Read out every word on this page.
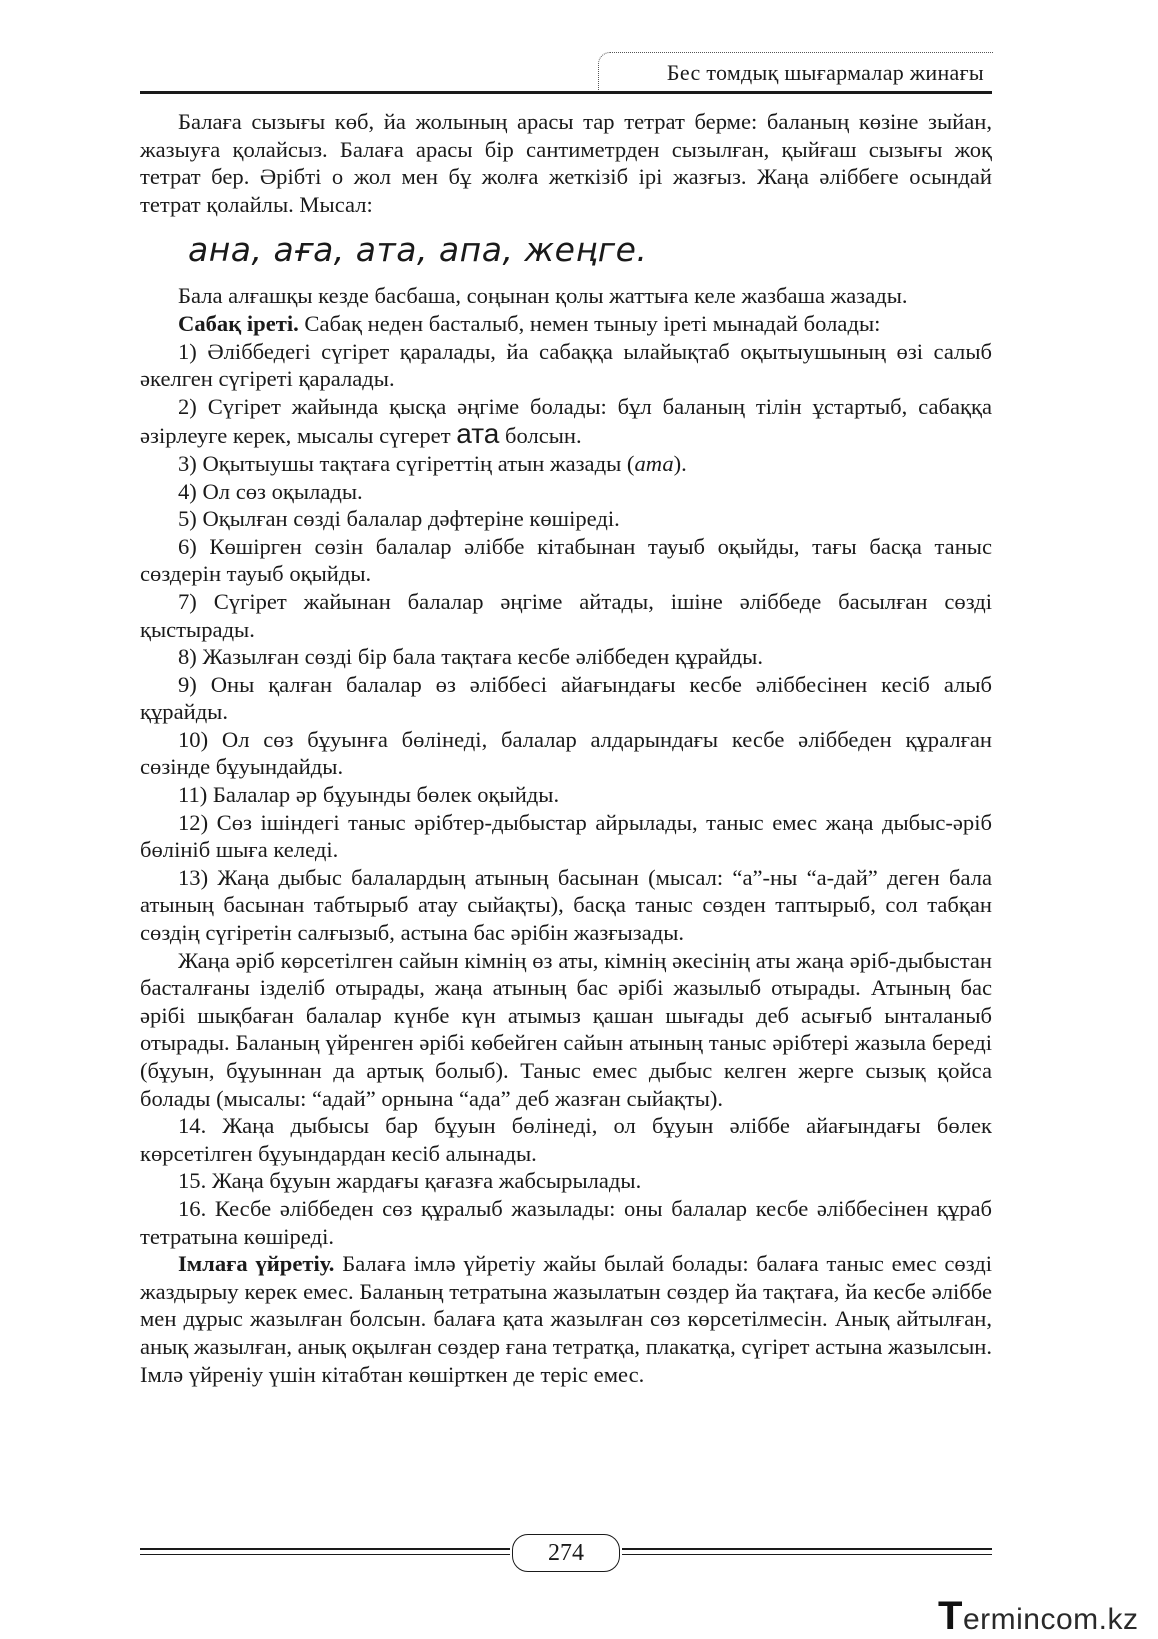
Бес томдық шығармалар жинағы

Балаға сызығы көб, йа жолының арасы тар тетрат берме: баланың көзіне зыйан, жазыуға қолайсыз. Балаға арасы бір сантиметрден сызылған, қыйғаш сызығы жоқ тетрат бер. Әрібті о жол мен бұ жолға жеткізіб ірі жазғыз. Жаңа әліббеге осындай тетрат қолайлы. Мысал:

ана, аға, ата, апа, жеңге.

Бала алғашқы кезде басбаша, соңынан қолы жаттыға келе жазбаша жазады.

Сабақ іреті. Сабақ неден басталыб, немен тыныу іреті мынадай болады:

1) Әліббедегі сүгірет қаралады, йа сабаққа ылайықтаб оқытыушының өзі салыб әкелген сүгіреті қаралады.

2) Сүгірет жайында қысқа әңгіме болады: бұл баланың тілін ұстартыб, сабаққа әзірлеуге керек, мысалы сүгерет ата болсын.

3) Оқытыушы тақтаға сүгіреттің атын жазады (ата).

4) Ол сөз оқылады.

5) Оқылған сөзді балалар дәфтеріне көшіреді.

6) Көшірген сөзін балалар әліббе кітабынан тауыб оқыйды, тағы басқа таныс сөздерін тауыб оқыйды.

7) Сүгірет жайынан балалар әңгіме айтады, ішіне әліббеде басылған сөзді қыстырады.

8) Жазылған сөзді бір бала тақтаға кесбе әліббеден құрайды.

9) Оны қалған балалар өз әліббесі айағындағы кесбе әліббесінен кесіб алыб құрайды.

10) Ол сөз бұуынға бөлінеді, балалар алдарындағы кесбе әліббеден құралған сөзінде бұуындайды.

11) Балалар әр бұуынды бөлек оқыйды.

12) Сөз ішіндегі таныс әрібтер-дыбыстар айрылады, таныс емес жаңа дыбыс-әріб бөлініб шыға келеді.

13) Жаңа дыбыс балалардың атының басынан (мысал: “а”-ны “а-дай” деген бала атының басынан табтырыб атау сыйақты), басқа таныс сөзден таптырыб, сол табқан сөздің сүгіретін салғызыб, астына бас әрібін жазғызады.

Жаңа әріб көрсетілген сайын кімнің өз аты, кімнің әкесінің аты жаңа әріб-дыбыстан басталғаны ізделіб отырады, жаңа атының бас әрібі жазылыб отырады. Атының бас әрібі шықбаған балалар күнбе күн атымыз қашан шығады деб асығыб ынталаныб отырады. Баланың үйренген әрібі көбейген сайын атының таныс әрібтері жазыла береді (бұуын, бұуыннан да артық болыб). Таныс емес дыбыс келген жерге сызық қойса болады (мысалы: “адай” орнына “ада” деб жазған сыйақты).

14. Жаңа дыбысы бар бұуын бөлінеді, ол бұуын әліббе айағындағы бөлек көрсетілген бұуындардан кесіб алынады.

15. Жаңа бұуын жардағы қағазға жабсырылады.

16. Кесбе әліббеден сөз құралыб жазылады: оны балалар кесбе әліббесінен құраб тетратына көшіреді.

Імлаға үйретіу. Балаға імлә үйретіу жайы былай болады: балаға таныс емес сөзді жаздырыу керек емес. Баланың тетратына жазылатын сөздер йа тақтаға, йа кесбе әліббе мен дұрыс жазылған болсын. балаға қата жазылған сөз көрсетілмесін. Анық айтылған, анық жазылған, анық оқылған сөздер ғана тетратқа, плакатқа, сүгірет астына жазылсын. Імлә үйреніу үшін кітабтан көшірткен де теріс емес.

274
Termincom.kz
